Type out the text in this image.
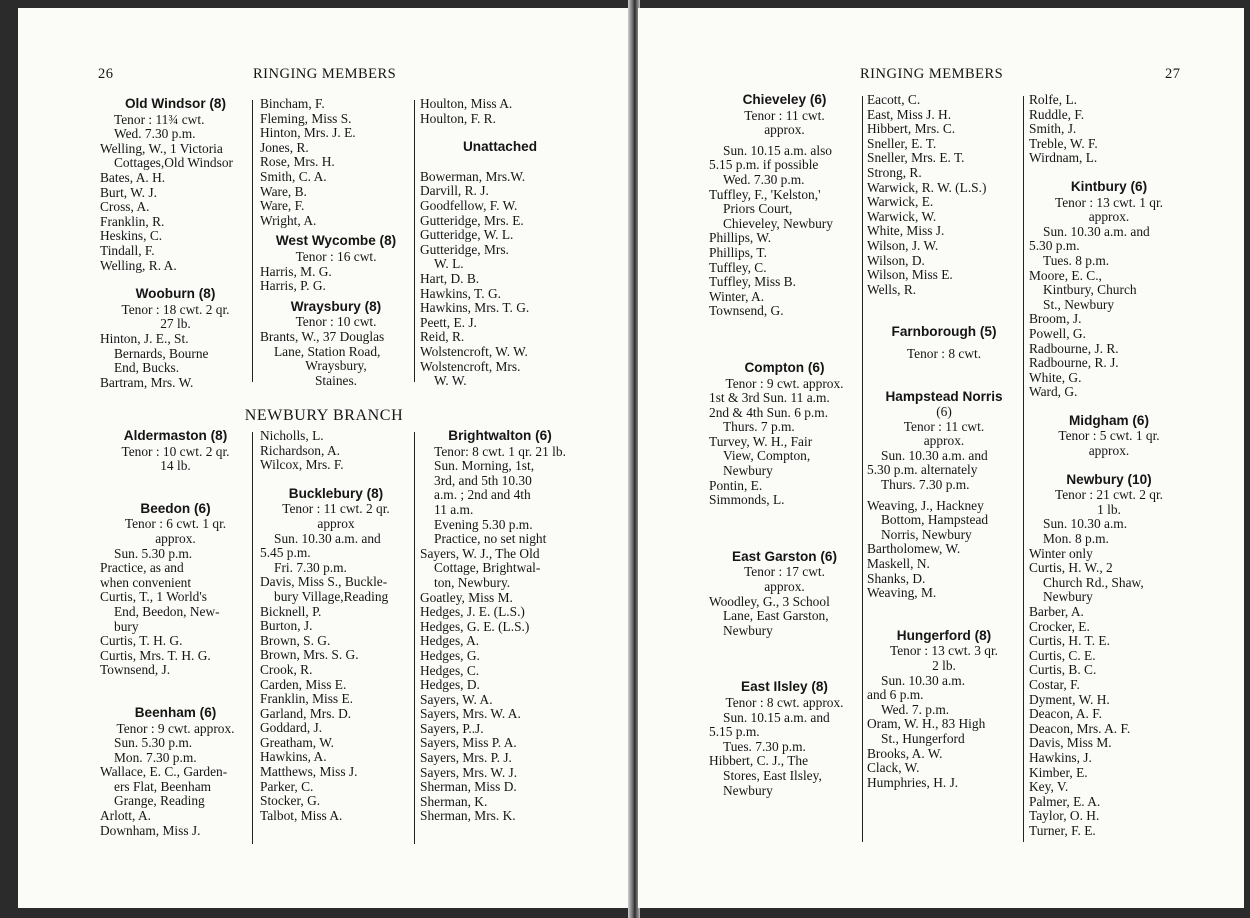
26	RINGING MEMBERS

Old Windsor (8)

Tenor : 11¾ cwt.

Wed. 7.30 p.m.

Welling, W., 1 Victoria

Cottages,Old Windsor

Bates, A. H.

Burt, W. J.

Cross, A.

Franklin, R.

Heskins, C.

Tindall, F.

Welling, R. A.

Wooburn (8)

Tenor : 18 cwt. 2 qr.

27 lb.

Hinton, J. E., St.

Bernards, Bourne

End, Bucks.

Bartram, Mrs. W.

Bincham, F.

Fleming, Miss S.

Hinton, Mrs. J. E.

Jones, R.

Rose, Mrs. H.

Smith, C. A.

Ware, B.

Ware, F.

Wright, A.

West Wycombe (8)

Tenor : 16 cwt.

Harris, M. G.

Harris, P. G.

Wraysbury (8)

Tenor : 10 cwt.

Brants, W., 37 Douglas

Lane, Station Road,

Wraysbury,

Staines.

Houlton, Miss A.

Houlton, F. R.

Unattached

Bowerman, Mrs.W.

Darvill, R. J.

Goodfellow, F. W.

Gutteridge, Mrs. E.

Gutteridge, W. L.

Gutteridge, Mrs.

W. L.

Hart, D. B.

Hawkins, T. G.

Hawkins, Mrs. T. G.

Peett, E. J.

Reid, R.

Wolstencroft, W. W.

Wolstencroft, Mrs.

W. W.

NEWBURY BRANCH

Aldermaston (8)

Tenor : 10 cwt. 2 qr.

14 lb.

Beedon (6)

Tenor : 6 cwt. 1 qr.

approx.

Sun. 5.30 p.m.

Practice, as and

when convenient

Curtis, T., 1 World's

End, Beedon, New-

bury

Curtis, T. H. G.

Curtis, Mrs. T. H. G.

Townsend, J.

Beenham (6)

Tenor : 9 cwt. approx.

Sun. 5.30 p.m.

Mon. 7.30 p.m.

Wallace, E. C., Garden-

ers Flat, Beenham

Grange, Reading

Arlott, A.

Downham, Miss J.

Nicholls, L.

Richardson, A.

Wilcox, Mrs. F.

Bucklebury (8)

Tenor : 11 cwt. 2 qr.

approx

Sun. 10.30 a.m. and

5.45 p.m.

Fri. 7.30 p.m.

Davis, Miss S., Buckle-

bury Village,Reading

Bicknell, P.

Burton, J.

Brown, S. G.

Brown, Mrs. S. G.

Crook, R.

Carden, Miss E.

Franklin, Miss E.

Garland, Mrs. D.

Goddard, J.

Greatham, W.

Hawkins, A.

Matthews, Miss J.

Parker, C.

Stocker, G.

Talbot, Miss A.

Brightwalton (6)

Tenor: 8 cwt. 1 qr. 21 lb.

Sun. Morning, 1st,

3rd, and 5th 10.30

a.m. ; 2nd and 4th

11 a.m.

Evening 5.30 p.m.

Practice, no set night

Sayers, W. J., The Old

Cottage, Brightwal-

ton, Newbury.

Goatley, Miss M.

Hedges, J. E. (L.S.)

Hedges, G. E. (L.S.)

Hedges, A.

Hedges, G.

Hedges, C.

Hedges, D.

Sayers, W. A.

Sayers, Mrs. W. A.

Sayers, P..J.

Sayers, Miss P. A.

Sayers, Mrs. P. J.

Sayers, Mrs. W. J.

Sherman, Miss D.

Sherman, K.

Sherman, Mrs. K.

RINGING MEMBERS	27

Chieveley (6)

Tenor : 11 cwt.

approx.

Sun. 10.15 a.m. also

5.15 p.m. if possible

Wed. 7.30 p.m.

Tuffley, F., 'Kelston,'

Priors Court,

Chieveley, Newbury

Phillips, W.

Phillips, T.

Tuffley, C.

Tuffley, Miss B.

Winter, A.

Townsend, G.

Compton (6)

Tenor : 9 cwt. approx.

1st & 3rd Sun. 11 a.m.

2nd & 4th Sun. 6 p.m.

Thurs. 7 p.m.

Turvey, W. H., Fair

View, Compton,

Newbury

Pontin, E.

Simmonds, L.

East Garston (6)

Tenor : 17 cwt.

approx.

Woodley, G., 3 School

Lane, East Garston,

Newbury

East Ilsley (8)

Tenor : 8 cwt. approx.

Sun. 10.15 a.m. and

5.15 p.m.

Tues. 7.30 p.m.

Hibbert, C. J., The

Stores, East Ilsley,

Newbury

Eacott, C.

East, Miss J. H.

Hibbert, Mrs. C.

Sneller, E. T.

Sneller, Mrs. E. T.

Strong, R.

Warwick, R. W. (L.S.)

Warwick, E.

Warwick, W.

White, Miss J.

Wilson, J. W.

Wilson, D.

Wilson, Miss E.

Wells, R.

Farnborough (5)

Tenor : 8 cwt.

Hampstead Norris

(6)

Tenor : 11 cwt.

approx.

Sun. 10.30 a.m. and

5.30 p.m. alternately

Thurs. 7.30 p.m.

Weaving, J., Hackney

Bottom, Hampstead

Norris, Newbury

Bartholomew, W.

Maskell, N.

Shanks, D.

Weaving, M.

Hungerford (8)

Tenor : 13 cwt. 3 qr.

2 lb.

Sun. 10.30 a.m.

and 6 p.m.

Wed. 7. p.m.

Oram, W. H., 83 High

St., Hungerford

Brooks, A. W.

Clack, W.

Humphries, H. J.

Rolfe, L.

Ruddle, F.

Smith, J.

Treble, W. F.

Wirdnam, L.

Kintbury (6)

Tenor : 13 cwt. 1 qr.

approx.

Sun. 10.30 a.m. and

5.30 p.m.

Tues. 8 p.m.

Moore, E. C.,

Kintbury, Church

St., Newbury

Broom, J.

Powell, G.

Radbourne, J. R.

Radbourne, R. J.

White, G.

Ward, G.

Midgham (6)

Tenor : 5 cwt. 1 qr.

approx.

Newbury (10)

Tenor : 21 cwt. 2 qr.

1 lb.

Sun. 10.30 a.m.

Mon. 8 p.m.

Winter only

Curtis, H. W., 2

Church Rd., Shaw,

Newbury

Barber, A.

Crocker, E.

Curtis, H. T. E.

Curtis, C. E.

Curtis, B. C.

Costar, F.

Dyment, W. H.

Deacon, A. F.

Deacon, Mrs. A. F.

Davis, Miss M.

Hawkins, J.

Kimber, E.

Key, V.

Palmer, E. A.

Taylor, O. H.

Turner, F. E.
